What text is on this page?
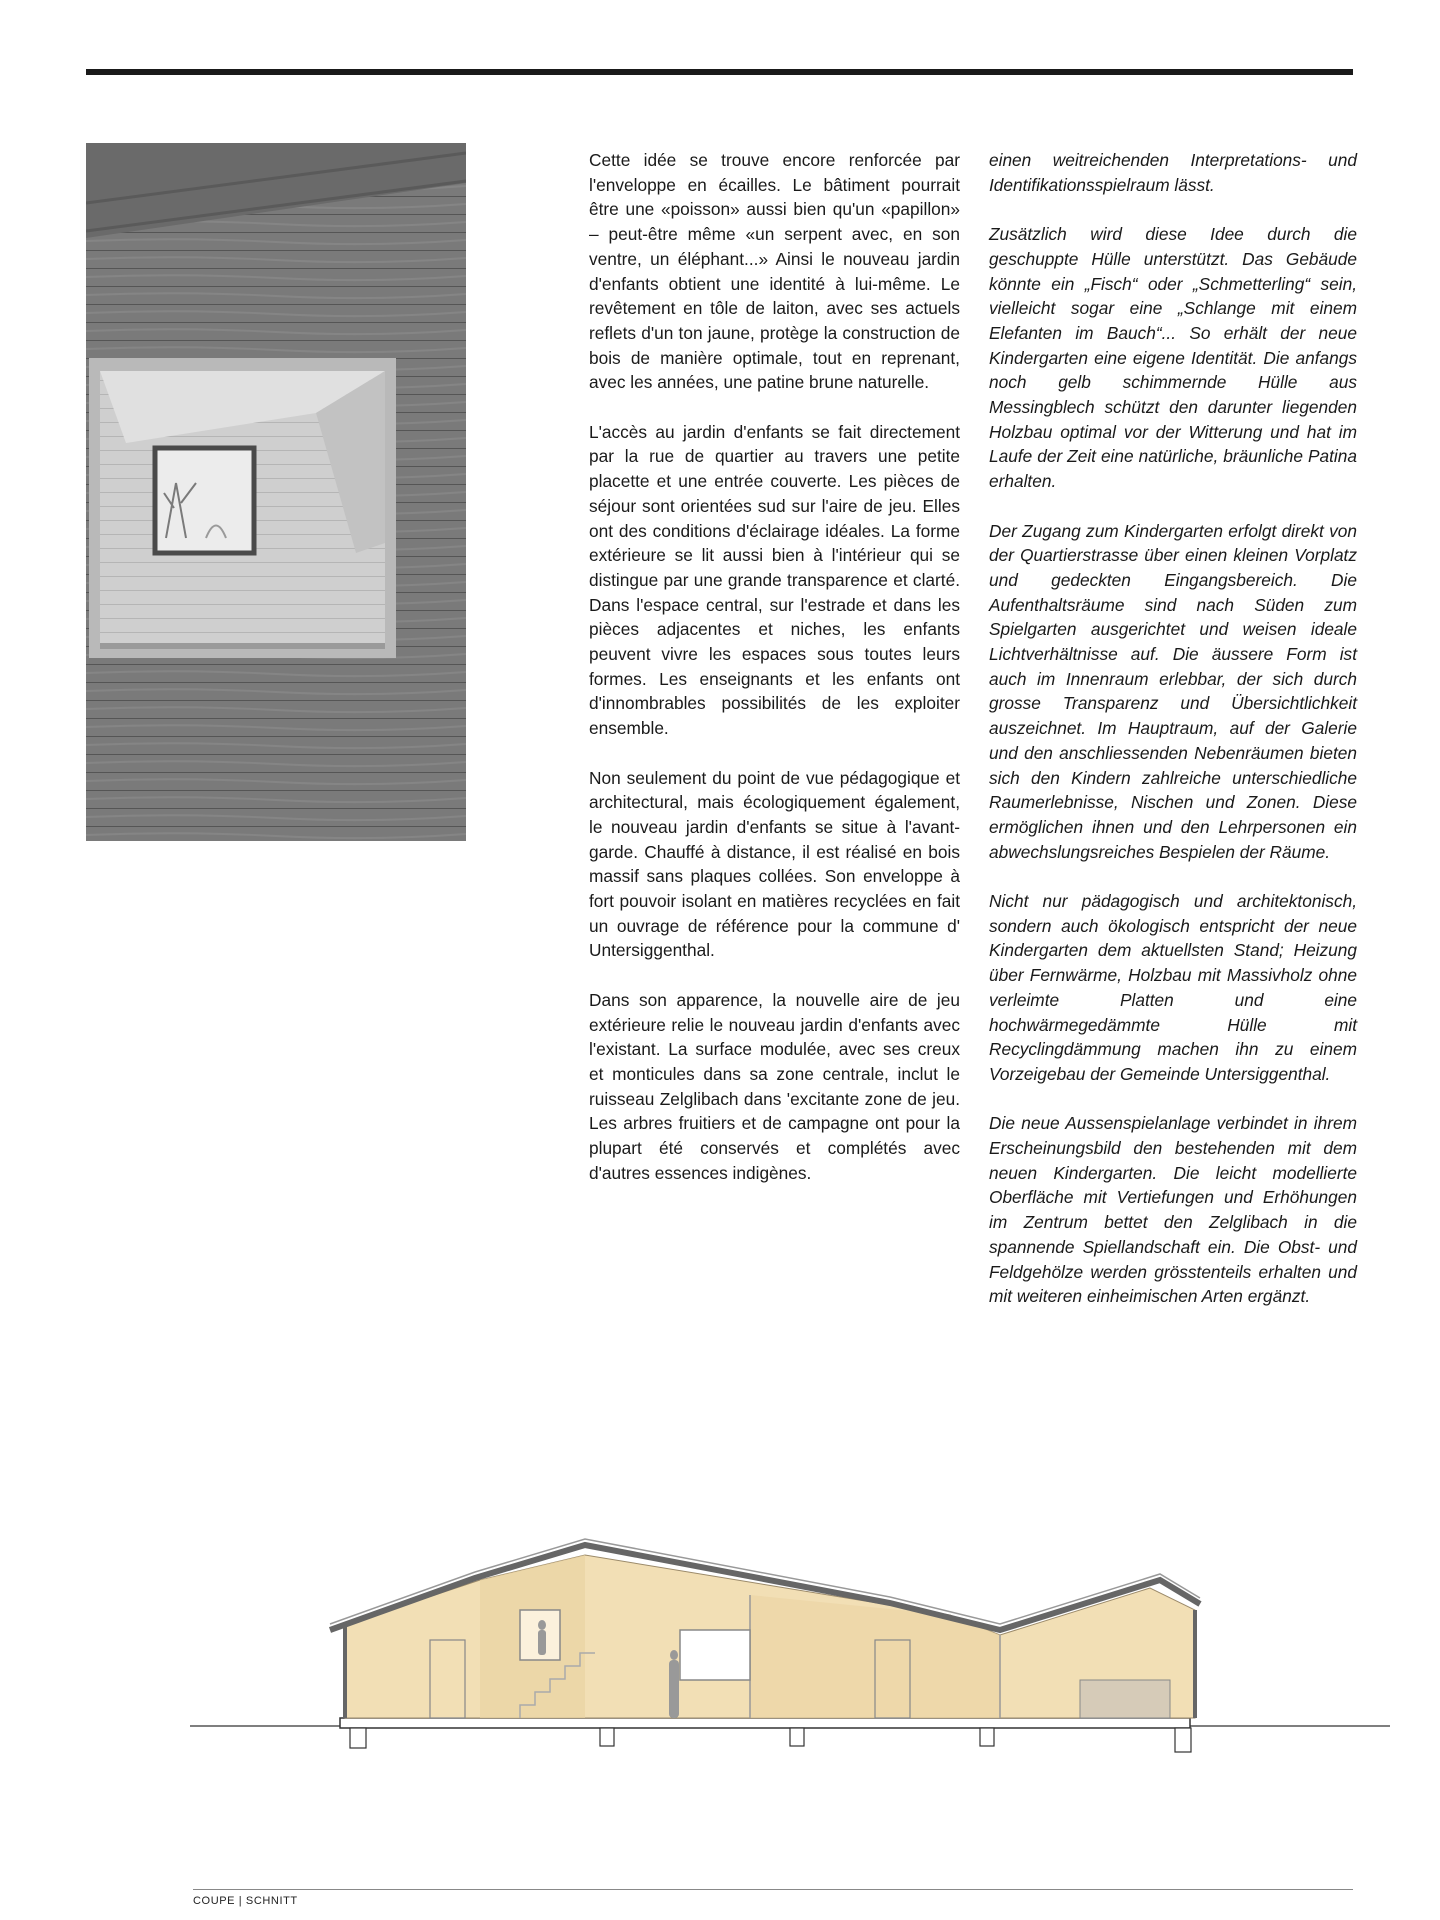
Cette idée se trouve encore renforcée par l'enveloppe en écailles. Le bâtiment pourrait être une «poisson» aussi bien qu'un «papillon» – peut-être même «un serpent avec, en son ventre, un éléphant...» Ainsi le nouveau jardin d'enfants obtient une identité à lui-même. Le revêtement en tôle de laiton, avec ses actuels reflets d'un ton jaune, protège la construction de bois de manière optimale, tout en reprenant, avec les années, une patine brune naturelle.

L'accès au jardin d'enfants se fait directement par la rue de quartier au travers une petite placette et une entrée couverte. Les pièces de séjour sont orientées sud sur l'aire de jeu. Elles ont des conditions d'éclairage idéales. La forme extérieure se lit aussi bien à l'intérieur qui se distingue par une grande transparence et clarté. Dans l'espace central, sur l'estrade et dans les pièces adjacentes et niches, les enfants peuvent vivre les espaces sous toutes leurs formes. Les enseignants et les enfants ont d'innombrables possibilités de les exploiter ensemble.

Non seulement du point de vue pédagogique et architectural, mais écologiquement également, le nouveau jardin d'enfants se situe à l'avant-garde. Chauffé à distance, il est réalisé en bois massif sans plaques collées. Son enveloppe à fort pouvoir isolant en matières recyclées en fait un ouvrage de référence pour la commune d' Untersiggenthal.

Dans son apparence, la nouvelle aire de jeu extérieure relie le nouveau jardin d'enfants avec l'existant. La surface modulée, avec ses creux et monticules dans sa zone centrale, inclut le ruisseau Zelglibach dans 'excitante zone de jeu. Les arbres fruitiers et de campagne ont pour la plupart été conservés et complétés avec d'autres essences indigènes.

einen weitreichenden Interpretations- und Identifikationsspielraum lässt.

Zusätzlich wird diese Idee durch die geschuppte Hülle unterstützt. Das Gebäude könnte ein „Fisch“ oder „Schmetterling“ sein, vielleicht sogar eine „Schlange mit einem Elefanten im Bauch“... So erhält der neue Kindergarten eine eigene Identität. Die anfangs noch gelb schimmernde Hülle aus Messingblech schützt den darunter liegenden Holzbau optimal vor der Witterung und hat im Laufe der Zeit eine natürliche, bräunliche Patina erhalten.

Der Zugang zum Kindergarten erfolgt direkt von der Quartierstrasse über einen kleinen Vorplatz und gedeckten Eingangsbereich. Die Aufenthaltsräume sind nach Süden zum Spielgarten ausgerichtet und weisen ideale Lichtverhältnisse auf. Die äussere Form ist auch im Innenraum erlebbar, der sich durch grosse Transparenz und Übersichtlichkeit auszeichnet. Im Hauptraum, auf der Galerie und den anschliessenden Nebenräumen bieten sich den Kindern zahlreiche unterschiedliche Raumerlebnisse, Nischen und Zonen. Diese ermöglichen ihnen und den Lehrpersonen ein abwechslungsreiches Bespielen der Räume.

Nicht nur pädagogisch und architektonisch, sondern auch ökologisch entspricht der neue Kindergarten dem aktuellsten Stand; Heizung über Fernwärme, Holzbau mit Massivholz ohne verleimte Platten und eine hochwärmegedämmte Hülle mit Recyclingdämmung machen ihn zu einem Vorzeigebau der Gemeinde Untersiggenthal.

Die neue Aussenspielanlage verbindet in ihrem Erscheinungsbild den bestehenden mit dem neuen Kindergarten. Die leicht modellierte Oberfläche mit Vertiefungen und Erhöhungen im Zentrum bettet den Zelglibach in die spannende Spiellandschaft ein. Die Obst- und Feldgehölze werden grösstenteils erhalten und mit weiteren einheimischen Arten ergänzt.

COUPE | SCHNITT
